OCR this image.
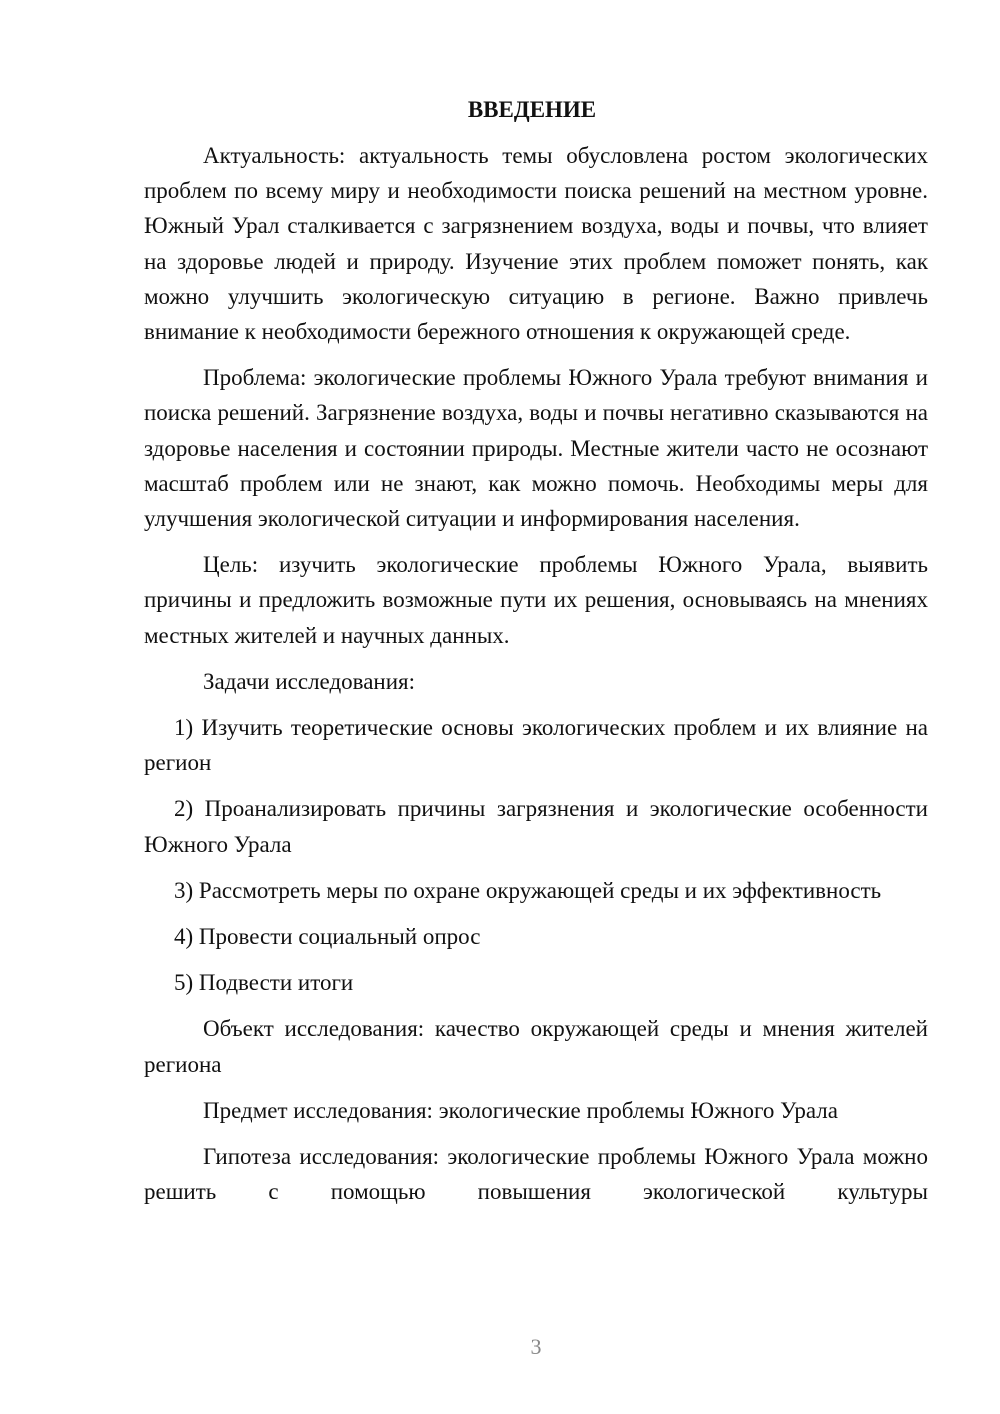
ВВЕДЕНИЕ

Актуальность: актуальность темы обусловлена ростом экологических проблем по всему миру и необходимости поиска решений на местном уровне. Южный Урал сталкивается с загрязнением воздуха, воды и почвы, что влияет на здоровье людей и природу. Изучение этих проблем поможет понять, как можно улучшить экологическую ситуацию в регионе. Важно привлечь внимание к необходимости бережного отношения к окружающей среде.

Проблема: экологические проблемы Южного Урала требуют внимания и поиска решений. Загрязнение воздуха, воды и почвы негативно сказываются на здоровье населения и состоянии природы. Местные жители часто не осознают масштаб проблем или не знают, как можно помочь. Необходимы меры для улучшения экологической ситуации и информирования населения.

Цель: изучить экологические проблемы Южного Урала, выявить причины и предложить возможные пути их решения, основываясь на мнениях местных жителей и научных данных.

Задачи исследования:

1) Изучить теоретические основы экологических проблем и их влияние на регион

2) Проанализировать причины загрязнения и экологические особенности Южного Урала

3) Рассмотреть меры по охране окружающей среды и их эффективность

4) Провести социальный опрос

5) Подвести итоги

Объект исследования: качество окружающей среды и мнения жителей региона

Предмет исследования: экологические проблемы Южного Урала

Гипотеза исследования: экологические проблемы Южного Урала можно решить с помощью повышения экологической культуры

3
